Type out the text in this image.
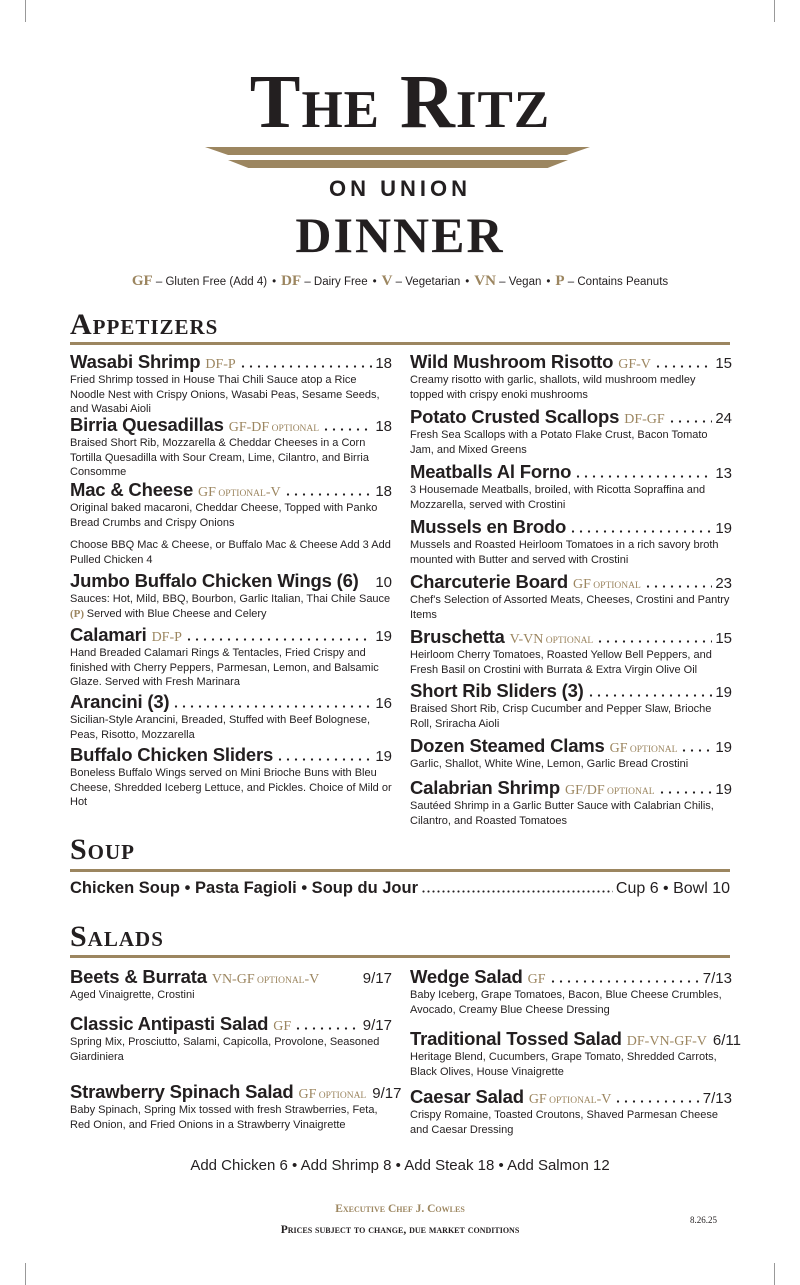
The Ritz
ON UNION
DINNER
GF – Gluten Free (Add 4) • DF – Dairy Free • V – Vegetarian • VN – Vegan • P – Contains Peanuts
Appetizers
Wasabi Shrimp DF-P	18
Fried Shrimp tossed in House Thai Chili Sauce atop a Rice Noodle Nest with Crispy Onions, Wasabi Peas, Sesame Seeds, and Wasabi Aioli
Birria Quesadillas GF-DF OPTIONAL	18
Braised Short Rib, Mozzarella & Cheddar Cheeses in a Corn Tortilla Quesadilla with Sour Cream, Lime, Cilantro, and Birria Consomme
Mac & Cheese GF OPTIONAL-V	18
Original baked macaroni, Cheddar Cheese, Topped with Panko Bread Crumbs and Crispy Onions
Choose BBQ Mac & Cheese, or Buffalo Mac & Cheese Add 3 Add Pulled Chicken 4
Jumbo Buffalo Chicken Wings (6) 10
Sauces: Hot, Mild, BBQ, Bourbon, Garlic Italian, Thai Chile Sauce (P) Served with Blue Cheese and Celery
Calamari DF-P	19
Hand Breaded Calamari Rings & Tentacles, Fried Crispy and finished with Cherry Peppers, Parmesan, Lemon, and Balsamic Glaze. Served with Fresh Marinara
Arancini (3)	16
Sicilian-Style Arancini, Breaded, Stuffed with Beef Bolognese, Peas, Risotto, Mozzarella
Buffalo Chicken Sliders	19
Boneless Buffalo Wings served on Mini Brioche Buns with Bleu Cheese, Shredded Iceberg Lettuce, and Pickles. Choice of Mild or Hot
Wild Mushroom Risotto GF-V	15
Creamy risotto with garlic, shallots, wild mushroom medley topped with crispy enoki mushrooms
Potato Crusted Scallops DF-GF	24
Fresh Sea Scallops with a Potato Flake Crust, Bacon Tomato Jam, and Mixed Greens
Meatballs Al Forno	13
3 Housemade Meatballs, broiled, with Ricotta Sopraffina and Mozzarella, served with Crostini
Mussels en Brodo	19
Mussels and Roasted Heirloom Tomatoes in a rich savory broth mounted with Butter and served with Crostini
Charcuterie Board GF OPTIONAL	23
Chef's Selection of Assorted Meats, Cheeses, Crostini and Pantry Items
Bruschetta V-VN OPTIONAL	15
Heirloom Cherry Tomatoes, Roasted Yellow Bell Peppers, and Fresh Basil on Crostini with Burrata & Extra Virgin Olive Oil
Short Rib Sliders (3)	19
Braised Short Rib, Crisp Cucumber and Pepper Slaw, Brioche Roll, Sriracha Aioli
Dozen Steamed Clams GF OPTIONAL	19
Garlic, Shallot, White Wine, Lemon, Garlic Bread Crostini
Calabrian Shrimp GF/DF OPTIONAL	19
Sautéed Shrimp in a Garlic Butter Sauce with Calabrian Chilis, Cilantro, and Roasted Tomatoes
Soup
Chicken Soup • Pasta Fagioli • Soup du Jour	Cup 6 • Bowl 10
Salads
Beets & Burrata VN-GF OPTIONAL-V	9/17
Aged Vinaigrette, Crostini
Classic Antipasti Salad GF	9/17
Spring Mix, Prosciutto, Salami, Capicolla, Provolone, Seasoned Giardiniera
Strawberry Spinach Salad GF OPTIONAL 9/17
Baby Spinach, Spring Mix tossed with fresh Strawberries, Feta, Red Onion, and Fried Onions in a Strawberry Vinaigrette
Wedge Salad GF	7/13
Baby Iceberg, Grape Tomatoes, Bacon, Blue Cheese Crumbles, Avocado, Creamy Blue Cheese Dressing
Traditional Tossed Salad DF-VN-GF-V 6/11
Heritage Blend, Cucumbers, Grape Tomato, Shredded Carrots, Black Olives, House Vinaigrette
Caesar Salad GF OPTIONAL-V	7/13
Crispy Romaine, Toasted Croutons, Shaved Parmesan Cheese and Caesar Dressing
Add Chicken 6 • Add Shrimp 8 • Add Steak 18 • Add Salmon 12
Executive Chef J. Cowles
Prices subject to change, due market conditions
8.26.25
